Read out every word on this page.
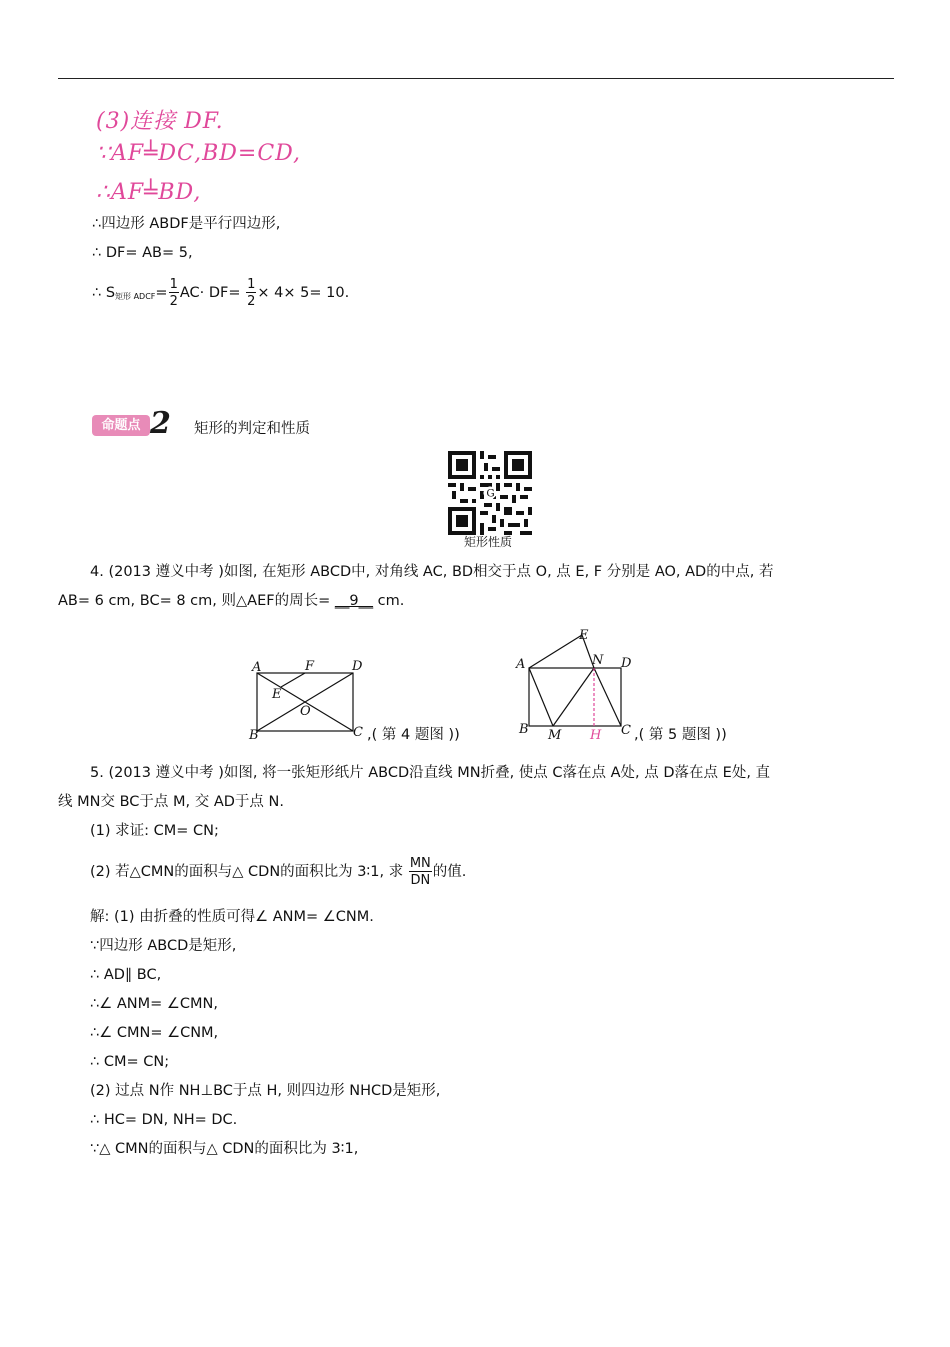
(3)连接 DF.
∵AF╧DC,BD=CD,
∴AF╧BD,
∴四边形 ABDF是平行四边形,
∴ DF= AB= 5,
∴ $S_{矩形 ADCF}= \frac{1}{2} AC\cdot DF= \frac{1}{2} \times 4\times 5= 10$.
命题点 2 矩形的判定和性质
G
矩形性质
4. (2013 遵义中考 )如图, 在矩形 ABCD中, 对角线 AC, BD相交于点 O, 点 E, F 分别是 AO, AD的中点, 若
AB= 6 cm, BC= 8 cm, 则△AEF的周长= __9__ cm.
A	F	D
E
O
B	C ,( 第 4 题图 ))
E
A	N D
B M H C ,( 第 5 题图 ))
5. (2013 遵义中考 )如图, 将一张矩形纸片 ABCD沿直线 MN折叠, 使点 C落在点 A处, 点 D落在点 E处, 直
线 MN交 BC于点 M, 交 AD于点 N.
(1) 求证: CM= CN;
(2) 若△CMN的面积与△ CDN的面积比为 3∶1, 求 $\frac{MN}{DN}$ 的值.
解: (1) 由折叠的性质可得∠ ANM= ∠CNM.
∵四边形 ABCD是矩形,
∴ AD∥ BC,
∴∠ ANM= ∠CMN,
∴∠ CMN= ∠CNM,
∴ CM= CN;
(2) 过点 N作 NH⊥BC于点 H, 则四边形 NHCD是矩形,
∴ HC= DN, NH= DC.
∵△ CMN的面积与△ CDN的面积比为 3∶1,
